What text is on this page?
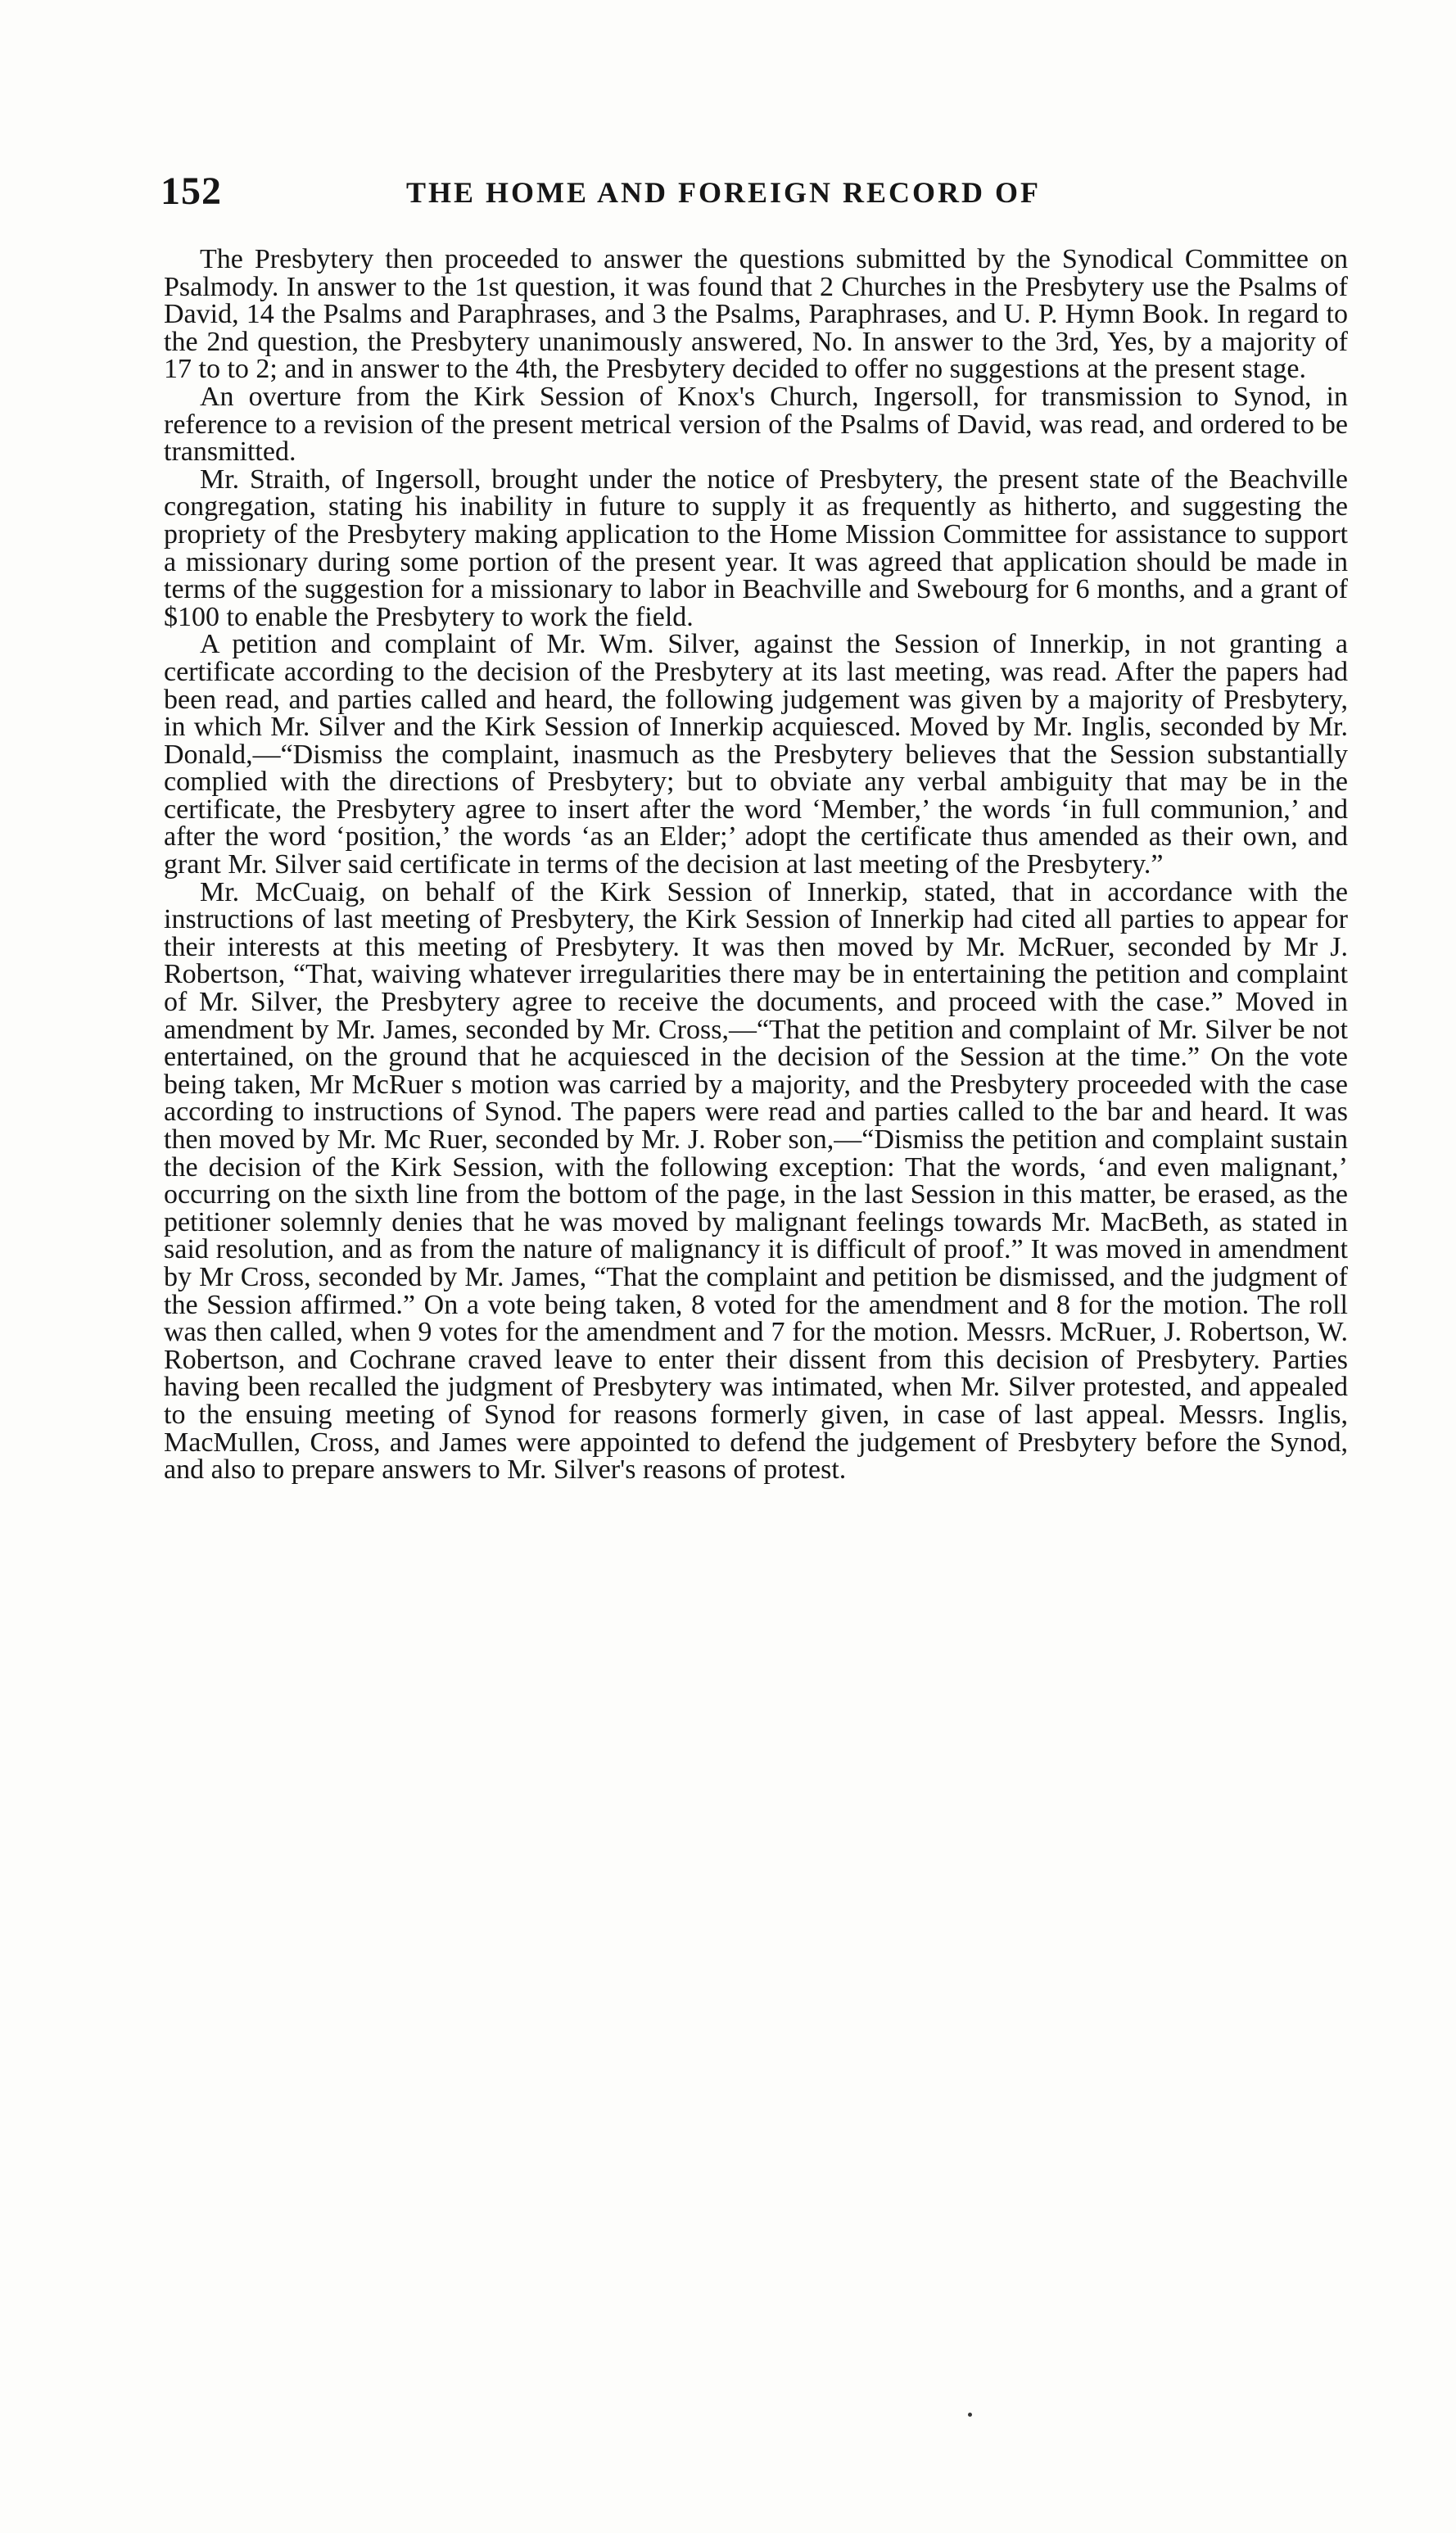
152	THE HOME AND FOREIGN RECORD OF

The Presbytery then proceeded to answer the questions submitted by the Synodical Committee on Psalmody. In answer to the 1st question, it was found that 2 Churches in the Presbytery use the Psalms of David, 14 the Psalms and Paraphrases, and 3 the Psalms, Paraphrases, and U. P. Hymn Book. In regard to the 2nd question, the Presbytery unanimously answered, No. In answer to the 3rd, Yes, by a majority of 17 to to 2; and in answer to the 4th, the Presbytery decided to offer no suggestions at the present stage.

An overture from the Kirk Session of Knox's Church, Ingersoll, for transmission to Synod, in reference to a revision of the present metrical version of the Psalms of David, was read, and ordered to be transmitted.

Mr. Straith, of Ingersoll, brought under the notice of Presbytery, the present state of the Beachville congregation, stating his inability in future to supply it as frequently as hitherto, and suggesting the propriety of the Presbytery making application to the Home Mission Committee for assistance to support a missionary during some portion of the present year. It was agreed that application should be made in terms of the suggestion for a missionary to labor in Beachville and Swebourg for 6 months, and a grant of $100 to enable the Presbytery to work the field.

A petition and complaint of Mr. Wm. Silver, against the Session of Innerkip, in not granting a certificate according to the decision of the Presbytery at its last meeting, was read. After the papers had been read, and parties called and heard, the following judgement was given by a majority of Presbytery, in which Mr. Silver and the Kirk Session of Innerkip acquiesced. Moved by Mr. Inglis, seconded by Mr. Donald,—“Dismiss the complaint, inasmuch as the Presbytery believes that the Session substantially complied with the directions of Presbytery; but to obviate any verbal ambiguity that may be in the certificate, the Presbytery agree to insert after the word ‘Member,’ the words ‘in full communion,’ and after the word ‘position,’ the words ‘as an Elder;’ adopt the certificate thus amended as their own, and grant Mr. Silver said certificate in terms of the decision at last meeting of the Presbytery.”

Mr. McCuaig, on behalf of the Kirk Session of Innerkip, stated, that in accordance with the instructions of last meeting of Presbytery, the Kirk Session of Innerkip had cited all parties to appear for their interests at this meeting of Presbytery. It was then moved by Mr. McRuer, seconded by Mr J. Robertson, “That, waiving whatever irregularities there may be in entertaining the petition and complaint of Mr. Silver, the Presbytery agree to receive the documents, and proceed with the case.” Moved in amendment by Mr. James, seconded by Mr. Cross,—“That the petition and complaint of Mr. Silver be not entertained, on the ground that he acquiesced in the decision of the Session at the time.” On the vote being taken, Mr McRuer s motion was carried by a majority, and the Presbytery proceeded with the case according to instructions of Synod. The papers were read and parties called to the bar and heard. It was then moved by Mr. Mc Ruer, seconded by Mr. J. Rober son,—“Dismiss the petition and complaint sustain the decision of the Kirk Session, with the following exception: That the words, ‘and even malignant,’ occurring on the sixth line from the bottom of the page, in the last Session in this matter, be erased, as the petitioner solemnly denies that he was moved by malignant feelings towards Mr. MacBeth, as stated in said resolution, and as from the nature of malignancy it is difficult of proof.” It was moved in amendment by Mr Cross, seconded by Mr. James, “That the complaint and petition be dismissed, and the judgment of the Session affirmed.” On a vote being taken, 8 voted for the amendment and 8 for the motion. The roll was then called, when 9 votes for the amendment and 7 for the motion. Messrs. McRuer, J. Robertson, W. Robertson, and Cochrane craved leave to enter their dissent from this decision of Presbytery. Parties having been recalled the judgment of Presbytery was intimated, when Mr. Silver protested, and appealed to the ensuing meeting of Synod for reasons formerly given, in case of last appeal. Messrs. Inglis, MacMullen, Cross, and James were appointed to defend the judgement of Presbytery before the Synod, and also to prepare answers to Mr. Silver's reasons of protest.
